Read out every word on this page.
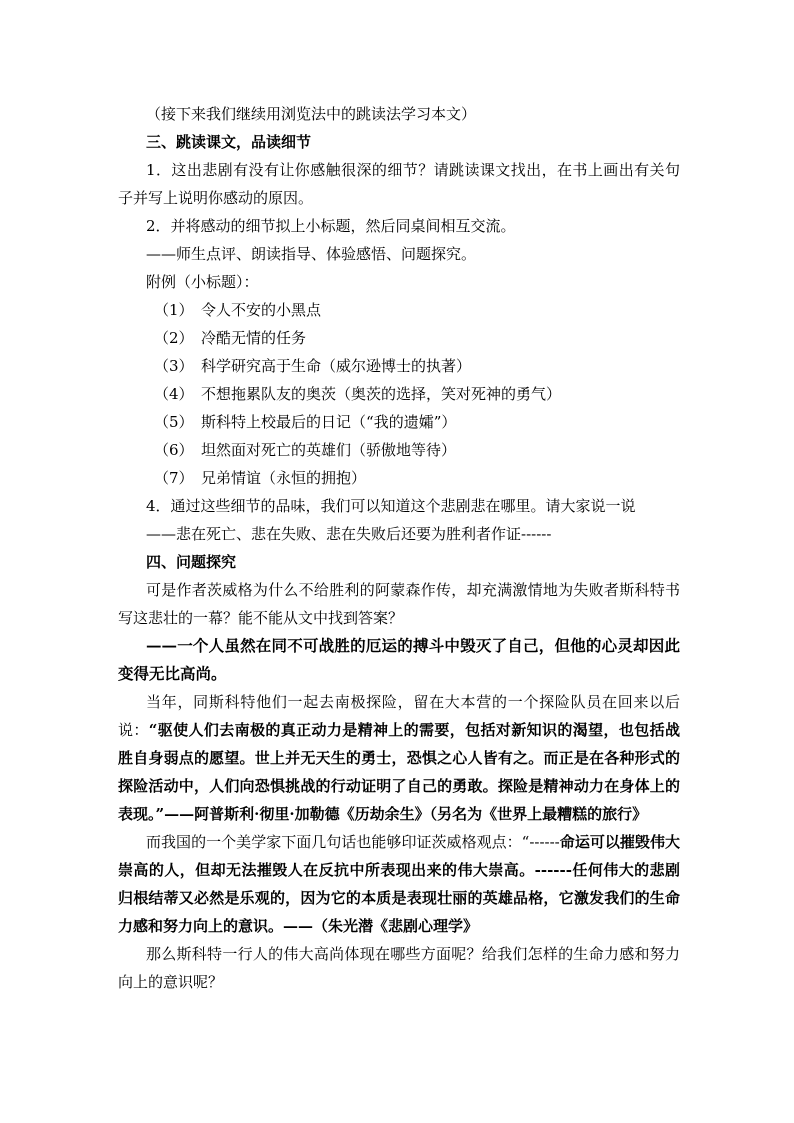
（接下来我们继续用浏览法中的跳读法学习本文）
三、跳读课文，品读细节
1．这出悲剧有没有让你感触很深的细节？请跳读课文找出，在书上画出有关句子并写上说明你感动的原因。
2．并将感动的细节拟上小标题，然后同桌间相互交流。
——师生点评、朗读指导、体验感悟、问题探究。
附例（小标题）：
（1）　令人不安的小黑点
（2）　冷酷无情的任务
（3）　科学研究高于生命（威尔逊博士的执著）
（4）　不想拖累队友的奥茨（奥茨的选择，笑对死神的勇气）
（5）　斯科特上校最后的日记（“我的遗孀”）
（6）　坦然面对死亡的英雄们（骄傲地等待）
（7）　兄弟情谊（永恒的拥抱）
4．通过这些细节的品味，我们可以知道这个悲剧悲在哪里。请大家说一说
——悲在死亡、悲在失败、悲在失败后还要为胜利者作证------
四、问题探究
可是作者茨威格为什么不给胜利的阿蒙森作传，却充满激情地为失败者斯科特书写这悲壮的一幕？能不能从文中找到答案？
——一个人虽然在同不可战胜的厄运的搏斗中毁灭了自己，但他的心灵却因此变得无比高尚。
当年，同斯科特他们一起去南极探险，留在大本营的一个探险队员在回来以后说：“驱使人们去南极的真正动力是精神上的需要，包括对新知识的渴望，也包括战胜自身弱点的愿望。世上并无天生的勇士，恐惧之心人皆有之。而正是在各种形式的探险活动中，人们向恐惧挑战的行动证明了自己的勇敢。探险是精神动力在身体上的表现。”——阿普斯利·彻里·加勒德《历劫余生》（另名为《世界上最糟糕的旅行》
而我国的一个美学家下面几句话也能够印证茨威格观点：“------命运可以摧毁伟大崇高的人，但却无法摧毁人在反抗中所表现出来的伟大崇高。------任何伟大的悲剧归根结蒂又必然是乐观的，因为它的本质是表现壮丽的英雄品格，它激发我们的生命力感和努力向上的意识。——（朱光潜《悲剧心理学》
那么斯科特一行人的伟大高尚体现在哪些方面呢？给我们怎样的生命力感和努力向上的意识呢？
